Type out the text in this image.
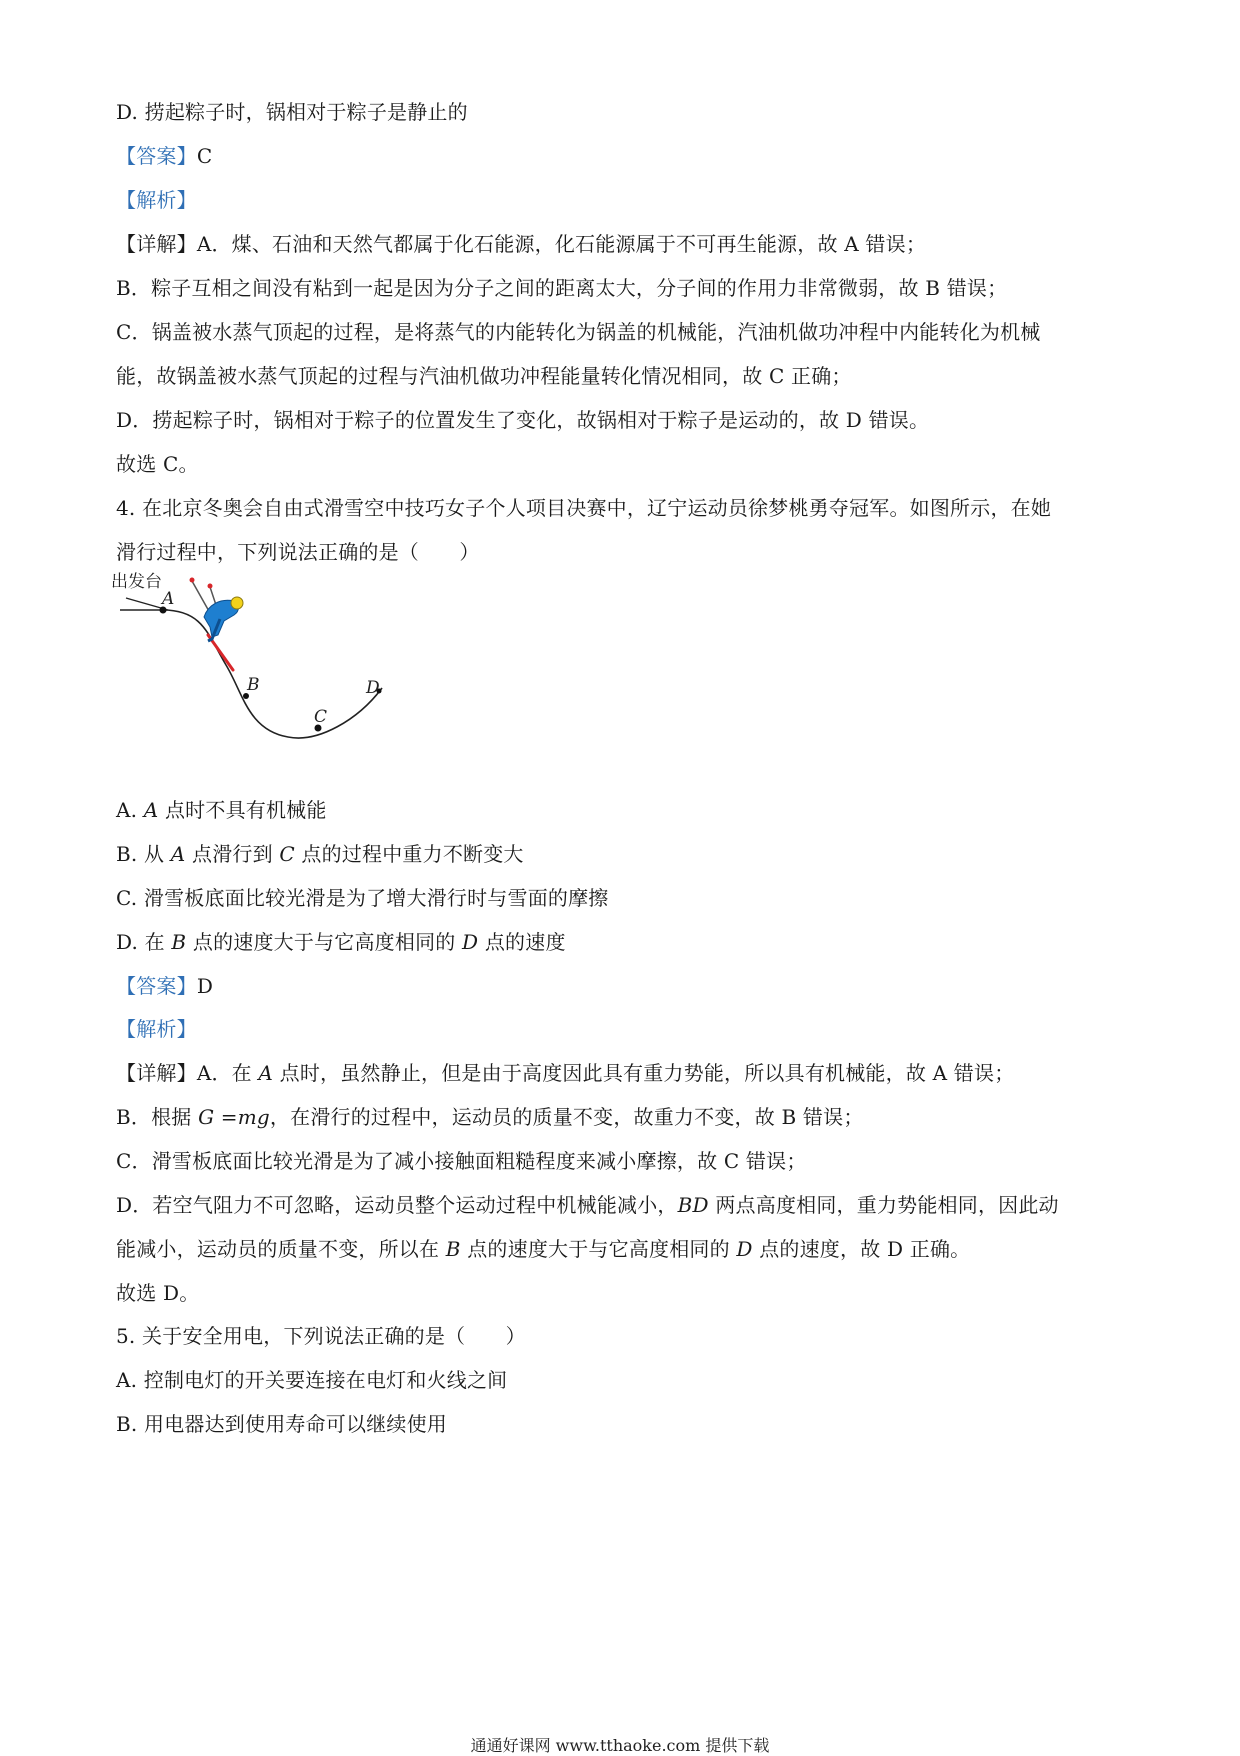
D. 捞起粽子时，锅相对于粽子是静止的
【答案】C
【解析】
【详解】A．煤、石油和天然气都属于化石能源，化石能源属于不可再生能源，故 A 错误；
B．粽子互相之间没有粘到一起是因为分子之间的距离太大，分子间的作用力非常微弱，故 B 错误；
C．锅盖被水蒸气顶起的过程，是将蒸气的内能转化为锅盖的机械能，汽油机做功冲程中内能转化为机械
能，故锅盖被水蒸气顶起的过程与汽油机做功冲程能量转化情况相同，故 C 正确；
D．捞起粽子时，锅相对于粽子的位置发生了变化，故锅相对于粽子是运动的，故 D 错误。
故选 C。
4. 在北京冬奥会自由式滑雪空中技巧女子个人项目决赛中，辽宁运动员徐梦桃勇夺冠军。如图所示，在她
滑行过程中，下列说法正确的是（　　）
出发台
A
B
C
D
A. A 点时不具有机械能
B. 从 A 点滑行到 C 点的过程中重力不断变大
C. 滑雪板底面比较光滑是为了增大滑行时与雪面的摩擦
D. 在 B 点的速度大于与它高度相同的 D 点的速度
【答案】D
【解析】
【详解】A．在 A 点时，虽然静止，但是由于高度因此具有重力势能，所以具有机械能，故 A 错误；
B．根据 G =mg，在滑行的过程中，运动员的质量不变，故重力不变，故 B 错误；
C．滑雪板底面比较光滑是为了减小接触面粗糙程度来减小摩擦，故 C 错误；
D．若空气阻力不可忽略，运动员整个运动过程中机械能减小，BD 两点高度相同，重力势能相同，因此动
能减小，运动员的质量不变，所以在 B 点的速度大于与它高度相同的 D 点的速度，故 D 正确。
故选 D。
5. 关于安全用电，下列说法正确的是（　　）
A. 控制电灯的开关要连接在电灯和火线之间
B. 用电器达到使用寿命可以继续使用
通通好课网 www.tthaoke.com 提供下载
